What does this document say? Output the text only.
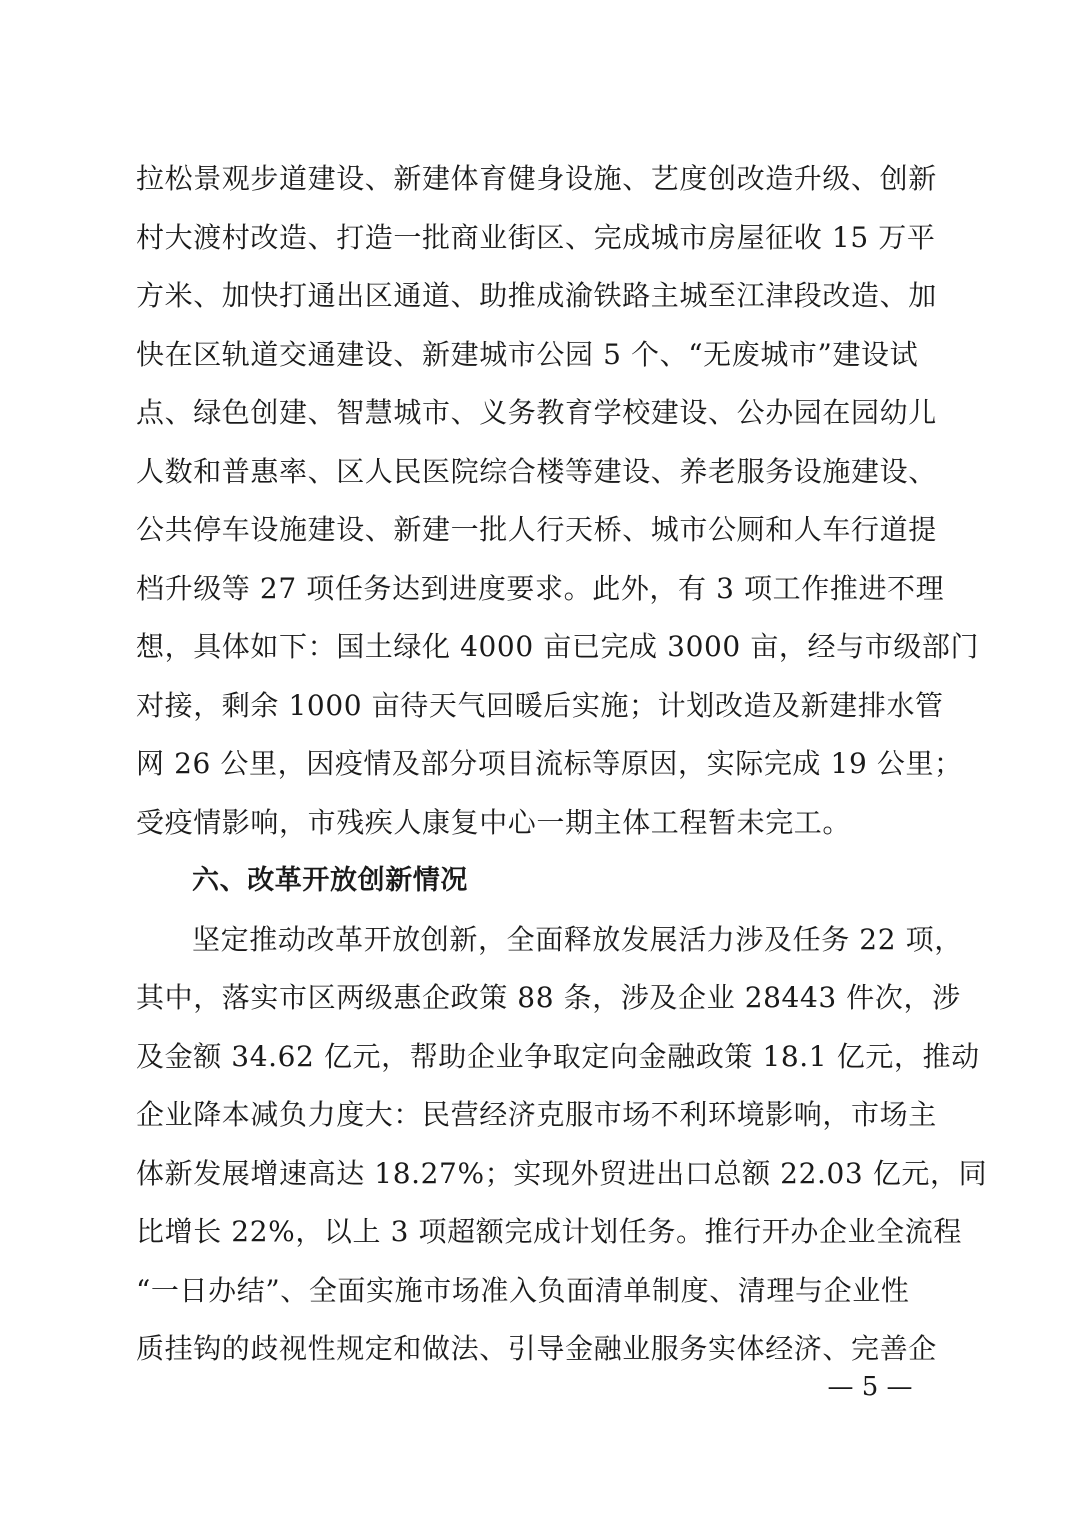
拉松景观步道建设、新建体育健身设施、艺度创改造升级、创新
村大渡村改造、打造一批商业街区、完成城市房屋征收 15 万平
方米、加快打通出区通道、助推成渝铁路主城至江津段改造、加
快在区轨道交通建设、新建城市公园 5 个、“无废城市”建设试
点、绿色创建、智慧城市、义务教育学校建设、公办园在园幼儿
人数和普惠率、区人民医院综合楼等建设、养老服务设施建设、
公共停车设施建设、新建一批人行天桥、城市公厕和人车行道提
档升级等 27 项任务达到进度要求。此外，有 3 项工作推进不理
想，具体如下：国土绿化 4000 亩已完成 3000 亩，经与市级部门
对接，剩余 1000 亩待天气回暖后实施；计划改造及新建排水管
网 26 公里，因疫情及部分项目流标等原因，实际完成 19 公里；
受疫情影响，市残疾人康复中心一期主体工程暂未完工。
六、改革开放创新情况
坚定推动改革开放创新，全面释放发展活力涉及任务 22 项，
其中，落实市区两级惠企政策 88 条，涉及企业 28443 件次，涉
及金额 34.62 亿元，帮助企业争取定向金融政策 18.1 亿元，推动
企业降本减负力度大：民营经济克服市场不利环境影响，市场主
体新发展增速高达 18.27%；实现外贸进出口总额 22.03 亿元，同
比增长 22%，以上 3 项超额完成计划任务。推行开办企业全流程
“一日办结”、全面实施市场准入负面清单制度、清理与企业性
质挂钩的歧视性规定和做法、引导金融业服务实体经济、完善企
— 5 —
